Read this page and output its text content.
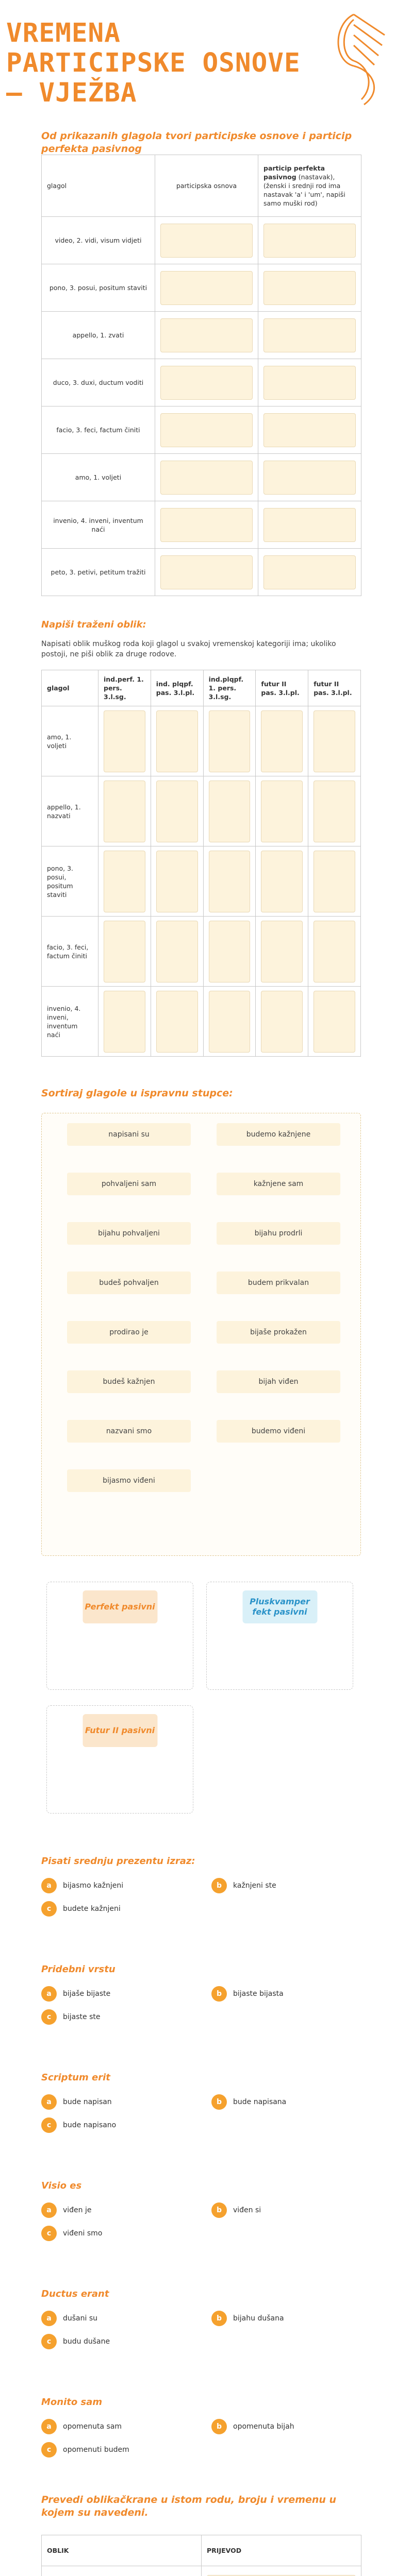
VREMENA
PARTICIPSKE OSNOVE
– VJEŽBA
Od prikazanih glagola tvori participske osnove i particip perfekta pasivnog
glagol	participska osnova	particip perfekta pasivnog (nastavak), (ženski i srednji rod ima nastavak 'a' i 'um', napiši samo muški rod)
video, 2. vidi, visum vidjeti	

pono, 3. posui, positum staviti	

appello, 1. zvati	

duco, 3. duxi, ductum voditi	

facio, 3. feci, factum činiti	

amo, 1. voljeti	

invenio, 4. inveni, inventum naći	

peto, 3. petivi, petitum tražiti	

Napiši traženi oblik:
Napisati oblik muškog roda koji glagol u svakoj vremenskoj kategoriji ima; ukoliko postoji, ne piši oblik za druge rodove.
glagol	ind.perf. 1. pers. 3.l.sg.	ind. plqpf. pas. 3.l.pl.	ind.plqpf. 1. pers. 3.l.sg.	futur II pas. 3.l.pl.	futur II pas. 3.l.pl.
amo, 1. voljeti	

appello, 1. nazvati	

pono, 3. posui, positum staviti	

facio, 3. feci, factum činiti	

invenio, 4. inveni, inventum naći	

Sortiraj glagole u ispravnu stupce:
napisani su
pohvaljeni sam
bijahu pohvaljeni
budeš pohvaljen
prodirao je
budeš kažnjen
nazvani smo
bijasmo viđeni
budemo kažnjene
kažnjene sam
bijahu prodrli
budem prikvalan
bijaše prokažen
bijah viđen
budemo viđeni
Perfekt pasivni
Pluskvamper fekt pasivni
Futur II pasivni
Pisati srednju prezentu izraz:
a	bijasmo kažnjeni	b	kažnjeni ste
c	budete kažnjeni
Pridebni vrstu
a	bijaše bijaste	b	bijaste bijasta
c	bijaste ste
Scriptum erit
a	bude napisan	b	bude napisana
c	bude napisano
Visio es
a	viđen je	b	viđen si
c	viđeni smo
Ductus erant
a	dušani su	b	bijahu dušana
c	budu dušane
Monito sam
a	opomenuta sam	b	opomenuta bijah
c	opomenuti budem
Prevedi oblikačkrane u istom rodu, broju i vremenu u kojem su navedeni.
OBLIK	PRIJEVOD
